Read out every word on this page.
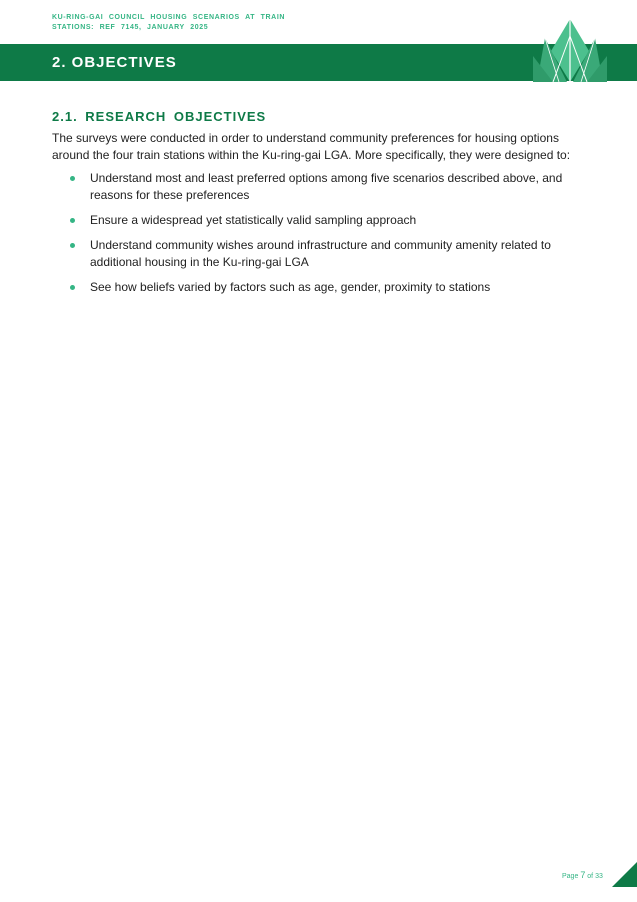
KU-RING-GAI COUNCIL HOUSING SCENARIOS AT TRAIN
STATIONS: REF 7145, JANUARY 2025
2. OBJECTIVES
2.1. RESEARCH OBJECTIVES

The surveys were conducted in order to understand community preferences for housing options around the four train stations within the Ku-ring-gai LGA. More specifically, they were designed to:

Understand most and least preferred options among five scenarios described above, and reasons for these preferences
Ensure a widespread yet statistically valid sampling approach
Understand community wishes around infrastructure and community amenity related to additional housing in the Ku-ring-gai LGA
See how beliefs varied by factors such as age, gender, proximity to stations
Page 7 of 33
